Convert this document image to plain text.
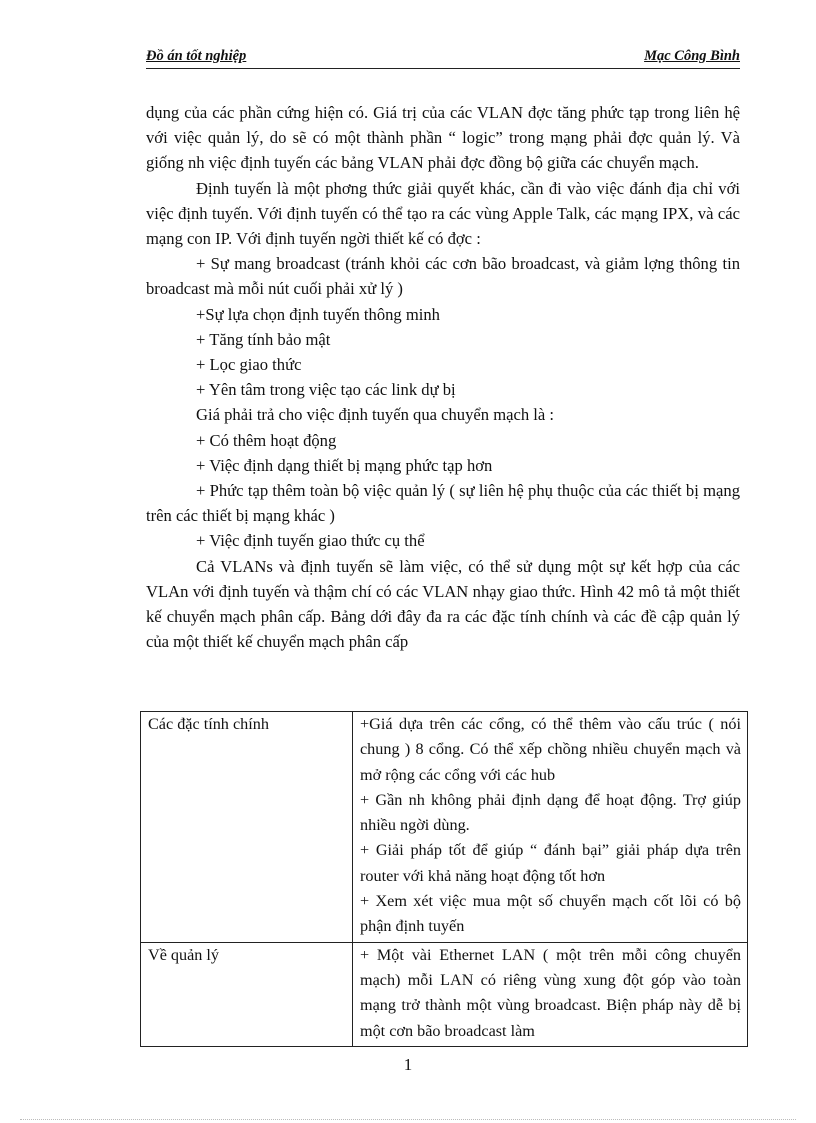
Đồ án tốt nghiệp	Mạc Công Bình

dụng của các phần cứng hiện có. Giá trị của các VLAN đợc tăng phức tạp trong liên hệ với việc quản lý, do sẽ có một thành phần “ logic” trong mạng phải đợc quản lý. Và giống nh việc định tuyến các bảng VLAN phải đợc đồng bộ giữa các chuyển mạch.

Định tuyến là một phơng thức giải quyết khác, cần đi vào việc đánh địa chỉ với việc định tuyến. Với định tuyến có thể tạo ra các vùng Apple Talk, các mạng IPX, và các mạng con IP. Với định tuyến ngời thiết kế có đợc :

+ Sự mang broadcast (tránh khỏi các cơn bão broadcast, và giảm lợng thông tin broadcast mà mỗi nút cuối phải xử lý )

+Sự lựa chọn định tuyến thông minh

+ Tăng tính bảo mật

+ Lọc giao thức

+ Yên tâm trong việc tạo các link dự bị

Giá phải trả cho việc định tuyến qua chuyển mạch là :

+ Có thêm hoạt động

+ Việc định dạng thiết bị mạng phức tạp hơn

+ Phức tạp thêm toàn bộ việc quản lý ( sự liên hệ phụ thuộc của các thiết bị mạng trên các thiết bị mạng khác )

+ Việc định tuyến giao thức cụ thể

Cả VLANs và định tuyến sẽ làm việc, có thể sử dụng một sự kết hợp của các VLAn với định tuyến và thậm chí có các VLAN nhạy giao thức. Hình 42 mô tả một thiết kế chuyển mạch phân cấp. Bảng dới đây đa ra các đặc tính chính và các đề cập quản lý của một thiết kế chuyển mạch phân cấp

Các đặc tính chính	+Giá dựa trên các cổng, có thể thêm vào cấu trúc ( nói chung ) 8 cổng. Có thể xếp chồng nhiều chuyển mạch và mở rộng các cổng với các hub
+ Gần nh không phải định dạng để hoạt động. Trợ giúp nhiều ngời dùng.
+ Giải pháp tốt để giúp “ đánh bại” giải pháp dựa trên router với khả năng hoạt động tốt hơn
+ Xem xét việc mua một số chuyển mạch cốt lõi có bộ phận định tuyến

Về quản lý	+ Một vài Ethernet LAN ( một trên mỗi công chuyển mạch) mỗi LAN có riêng vùng xung đột góp vào toàn mạng trở thành một vùng broadcast. Biện pháp này dễ bị một cơn bão broadcast làm
1
